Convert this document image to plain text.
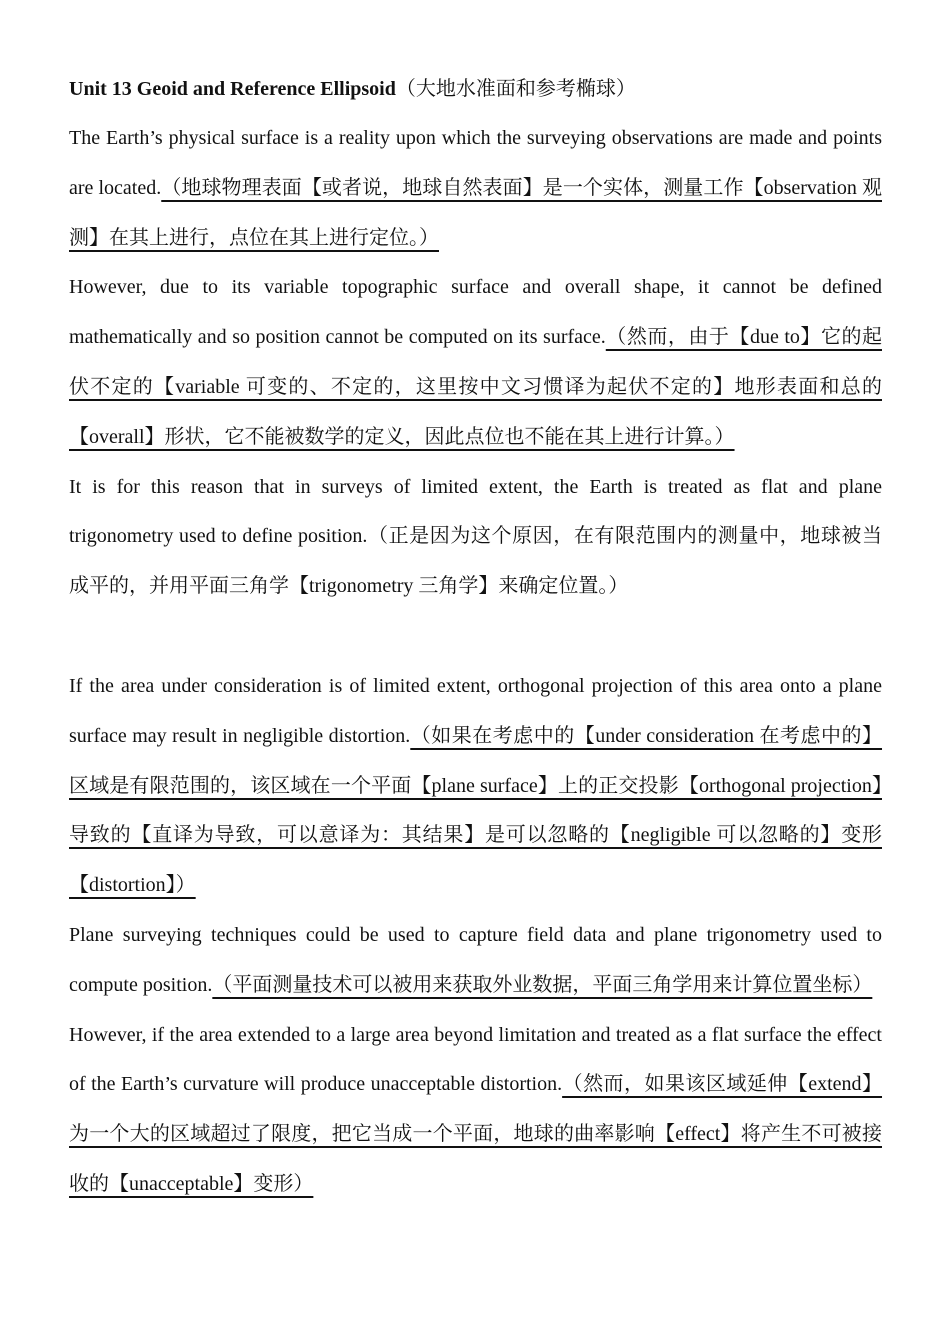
Unit 13 Geoid and Reference Ellipsoid（大地水准面和参考椭球）

The Earth’s physical surface is a reality upon which the surveying observations are made and points are located.（地球物理表面【或者说，地球自然表面】是一个实体，测量工作【observation 观测】在其上进行，点位在其上进行定位。）

However, due to its variable topographic surface and overall shape, it cannot be defined mathematically and so position cannot be computed on its surface.（然而，由于【due to】它的起伏不定的【variable 可变的、不定的，这里按中文习惯译为起伏不定的】地形表面和总的【overall】形状，它不能被数学的定义，因此点位也不能在其上进行计算。）

It is for this reason that in surveys of limited extent, the Earth is treated as flat and plane trigonometry used to define position.（正是因为这个原因，在有限范围内的测量中，地球被当成平的，并用平面三角学【trigonometry 三角学】来确定位置。）

If the area under consideration is of limited extent, orthogonal projection of this area onto a plane surface may result in negligible distortion.（如果在考虑中的【under consideration 在考虑中的】区域是有限范围的，该区域在一个平面【plane surface】上的正交投影【orthogonal projection】导致的【直译为导致，可以意译为：其结果】是可以忽略的【negligible 可以忽略的】变形【distortion】）

Plane surveying techniques could be used to capture field data and plane trigonometry used to compute position.（平面测量技术可以被用来获取外业数据，平面三角学用来计算位置坐标）

However, if the area extended to a large area beyond limitation and treated as a flat surface the effect of the Earth’s curvature will produce unacceptable distortion.（然而，如果该区域延伸【extend】为一个大的区域超过了限度，把它当成一个平面，地球的曲率影响【effect】将产生不可被接收的【unacceptable】变形）
